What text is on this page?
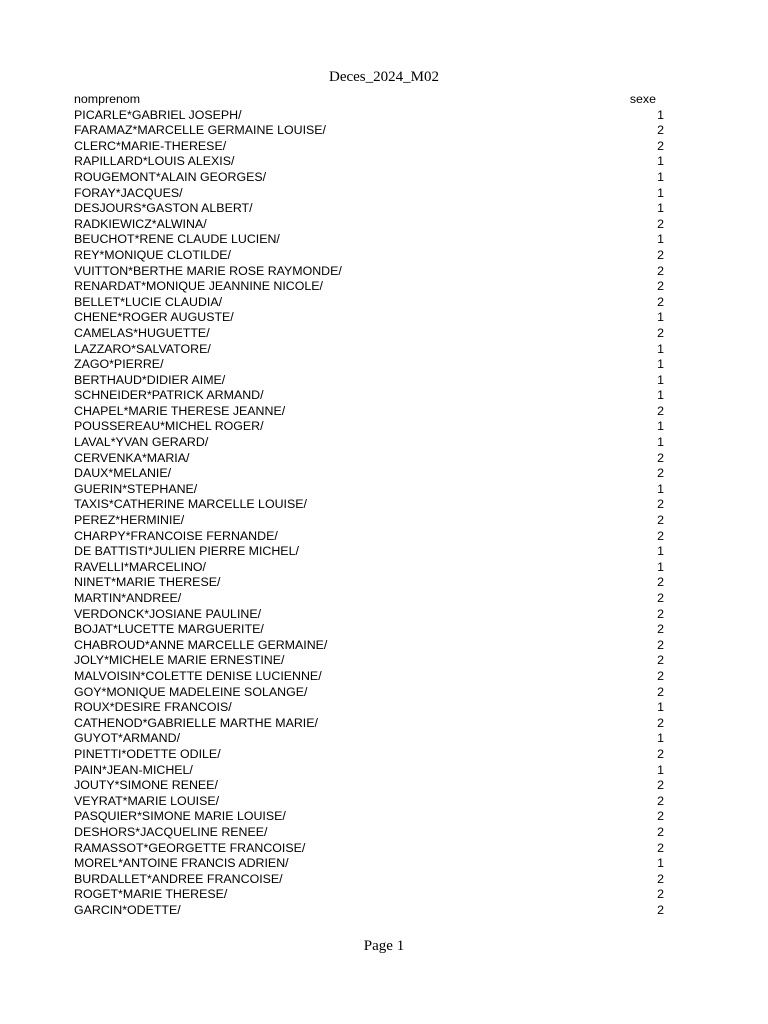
Deces_2024_M02
nomprenom	sexe
PICARLE*GABRIEL JOSEPH/	1
FARAMAZ*MARCELLE GERMAINE LOUISE/	2
CLERC*MARIE-THERESE/	2
RAPILLARD*LOUIS ALEXIS/	1
ROUGEMONT*ALAIN GEORGES/	1
FORAY*JACQUES/	1
DESJOURS*GASTON ALBERT/	1
RADKIEWICZ*ALWINA/	2
BEUCHOT*RENE CLAUDE LUCIEN/	1
REY*MONIQUE CLOTILDE/	2
VUITTON*BERTHE MARIE ROSE RAYMONDE/	2
RENARDAT*MONIQUE JEANNINE NICOLE/	2
BELLET*LUCIE CLAUDIA/	2
CHENE*ROGER AUGUSTE/	1
CAMELAS*HUGUETTE/	2
LAZZARO*SALVATORE/	1
ZAGO*PIERRE/	1
BERTHAUD*DIDIER AIME/	1
SCHNEIDER*PATRICK ARMAND/	1
CHAPEL*MARIE THERESE JEANNE/	2
POUSSEREAU*MICHEL ROGER/	1
LAVAL*YVAN GERARD/	1
CERVENKA*MARIA/	2
DAUX*MELANIE/	2
GUERIN*STEPHANE/	1
TAXIS*CATHERINE MARCELLE LOUISE/	2
PEREZ*HERMINIE/	2
CHARPY*FRANCOISE FERNANDE/	2
DE BATTISTI*JULIEN PIERRE MICHEL/	1
RAVELLI*MARCELINO/	1
NINET*MARIE THERESE/	2
MARTIN*ANDREE/	2
VERDONCK*JOSIANE PAULINE/	2
BOJAT*LUCETTE MARGUERITE/	2
CHABROUD*ANNE MARCELLE GERMAINE/	2
JOLY*MICHELE MARIE ERNESTINE/	2
MALVOISIN*COLETTE DENISE LUCIENNE/	2
GOY*MONIQUE MADELEINE SOLANGE/	2
ROUX*DESIRE FRANCOIS/	1
CATHENOD*GABRIELLE MARTHE MARIE/	2
GUYOT*ARMAND/	1
PINETTI*ODETTE ODILE/	2
PAIN*JEAN-MICHEL/	1
JOUTY*SIMONE RENEE/	2
VEYRAT*MARIE LOUISE/	2
PASQUIER*SIMONE MARIE LOUISE/	2
DESHORS*JACQUELINE RENEE/	2
RAMASSOT*GEORGETTE FRANCOISE/	2
MOREL*ANTOINE FRANCIS ADRIEN/	1
BURDALLET*ANDREE FRANCOISE/	2
ROGET*MARIE THERESE/	2
GARCIN*ODETTE/	2
Page 1
